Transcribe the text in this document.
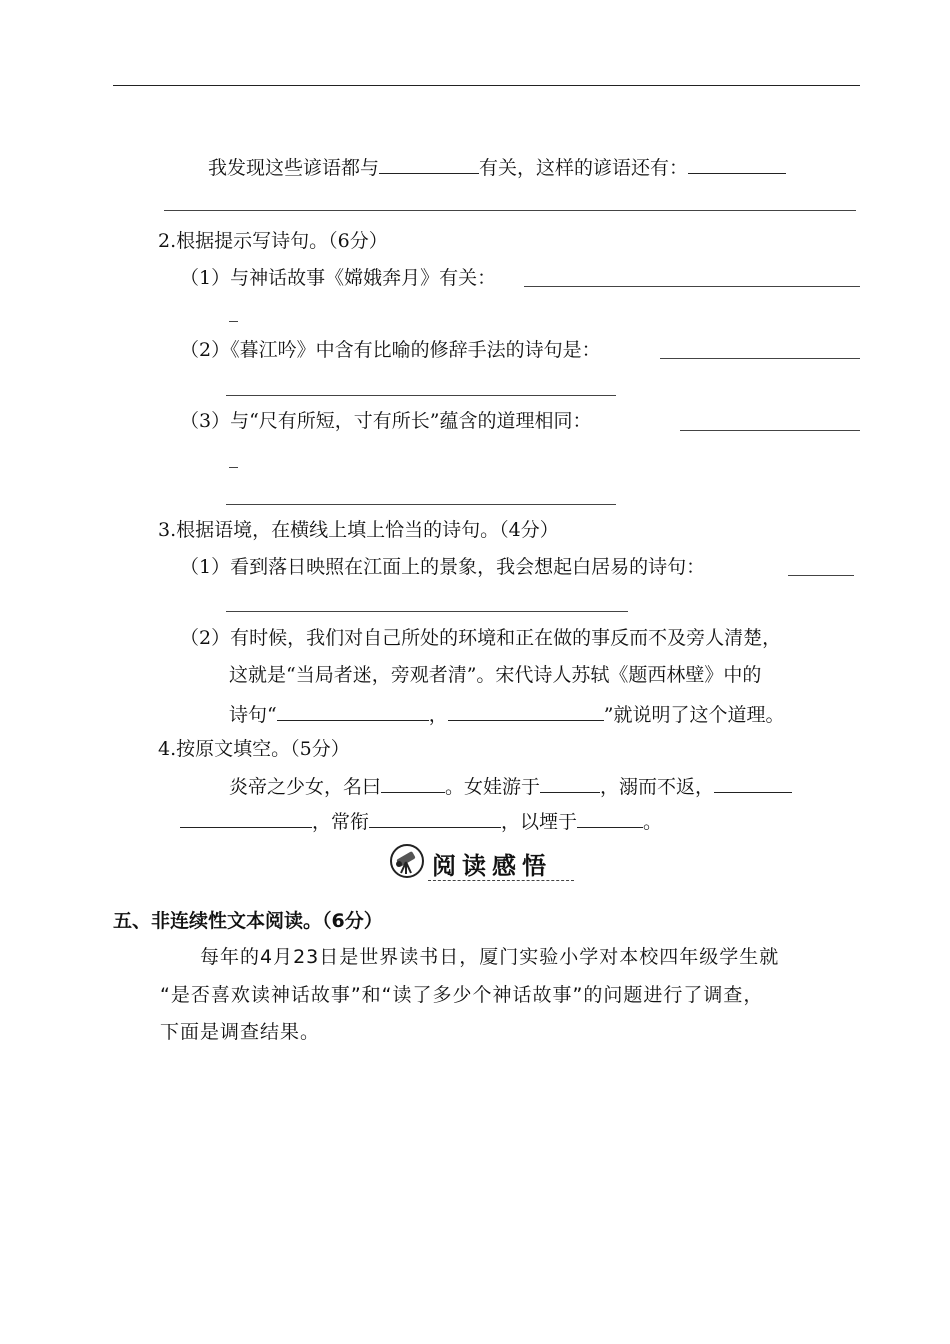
我发现这些谚语都与	有关，这样的谚语还有：
2.根据提示写诗句。（6分）
（1）与神话故事《嫦娥奔月》有关：
（2）《暮江吟》中含有比喻的修辞手法的诗句是：
（3）与“尺有所短，寸有所长”蕴含的道理相同：
3.根据语境，在横线上填上恰当的诗句。（4分）
（1）看到落日映照在江面上的景象，我会想起白居易的诗句：
（2）有时候，我们对自己所处的环境和正在做的事反而不及旁人清楚，
这就是“当局者迷，旁观者清”。宋代诗人苏轼《题西林壁》中的
诗句“	，	”就说明了这个道理。
4.按原文填空。（5分）
炎帝之少女，名曰	。女娃游于	，溺而不返，
，常衔	，以堙于	。
阅读感悟
五、非连续性文本阅读。（6分）
每年的4月23日是世界读书日，厦门实验小学对本校四年级学生就
“是否喜欢读神话故事”和“读了多少个神话故事”的问题进行了调查，
下面是调查结果。
